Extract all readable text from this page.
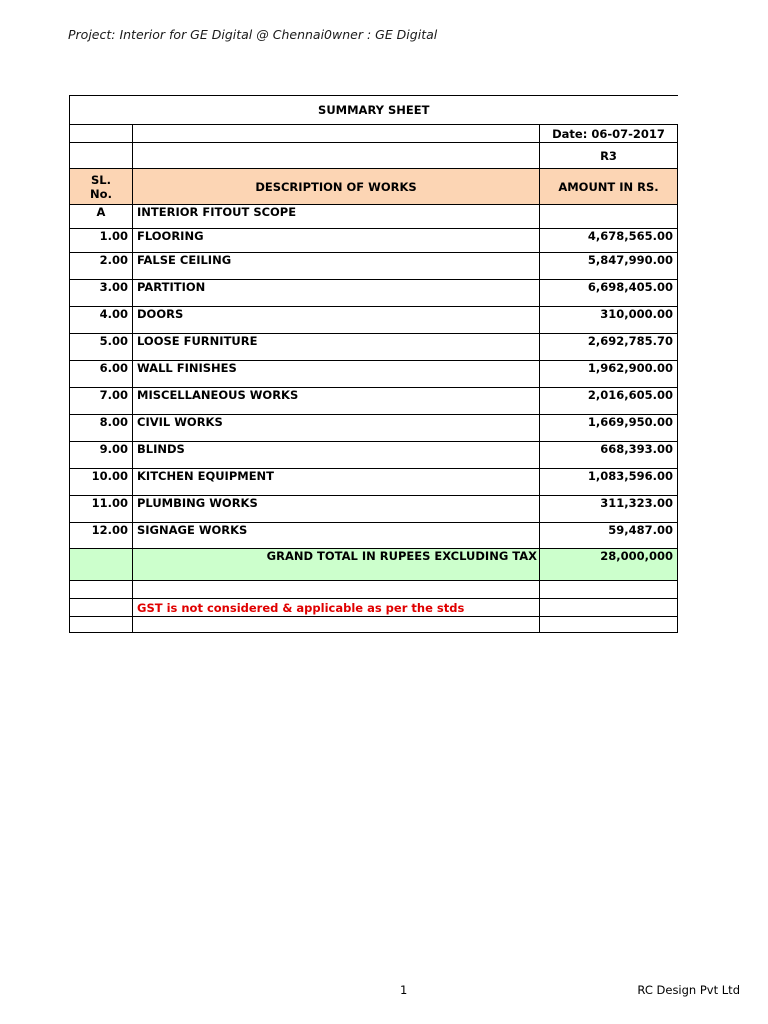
Project: Interior for GE Digital @ Chennai0wner : GE Digital
SUMMARY SHEET		
		Date: 06-07-2017
		R3
SL.
No.	DESCRIPTION OF WORKS	AMOUNT IN RS.
A	INTERIOR FITOUT SCOPE	
1.00	FLOORING	4,678,565.00
2.00	FALSE CEILING	5,847,990.00
3.00	PARTITION	6,698,405.00
4.00	DOORS	310,000.00
5.00	LOOSE FURNITURE	2,692,785.70
6.00	WALL FINISHES	1,962,900.00
7.00	MISCELLANEOUS WORKS	2,016,605.00
8.00	CIVIL WORKS	1,669,950.00
9.00	BLINDS	668,393.00
10.00	KITCHEN EQUIPMENT	1,083,596.00
11.00	PLUMBING WORKS	311,323.00
12.00	SIGNAGE WORKS	59,487.00
	GRAND TOTAL IN RUPEES EXCLUDING TAX	28,000,000

	GST is not considered & applicable as per the stds	

1	RC Design Pvt Ltd
